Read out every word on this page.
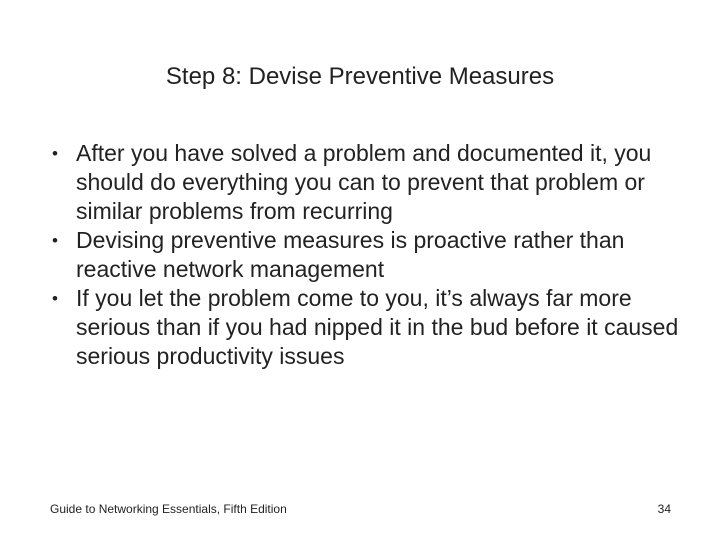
Step 8: Devise Preventive Measures
• After you have solved a problem and documented it, you should do everything you can to prevent that problem or similar problems from recurring
• Devising preventive measures is proactive rather than reactive network management
• If you let the problem come to you, it’s always far more serious than if you had nipped it in the bud before it caused serious productivity issues
Guide to Networking Essentials, Fifth Edition	34
